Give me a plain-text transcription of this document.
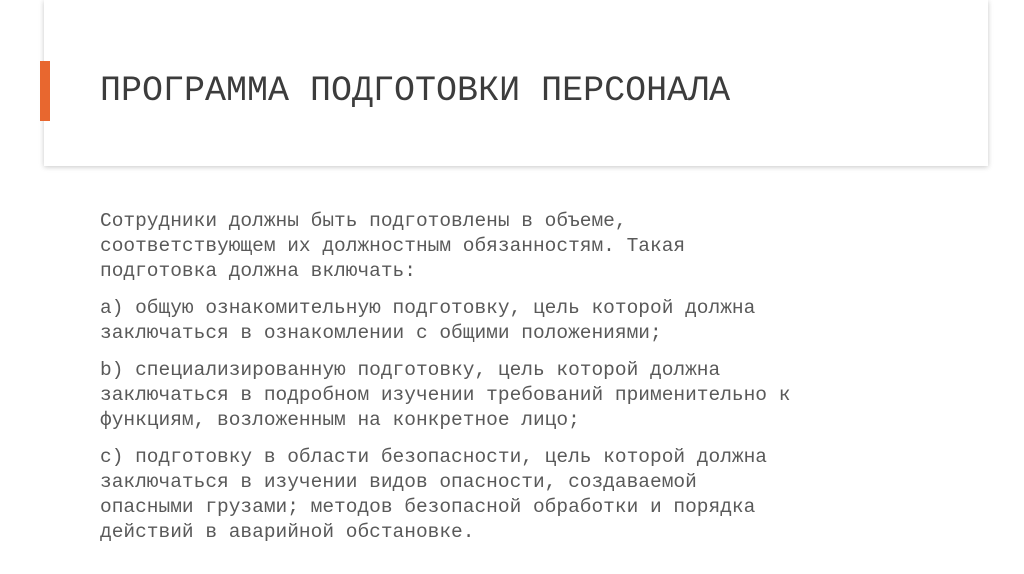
ПРОГРАММА ПОДГОТОВКИ ПЕРСОНАЛА

Сотрудники должны быть подготовлены в объеме,
соответствующем их должностным обязанностям. Такая
подготовка должна включать:

a) общую ознакомительную подготовку, цель которой должна
заключаться в ознакомлении с общими положениями;

b) специализированную подготовку, цель которой должна
заключаться в подробном изучении требований применительно к
функциям, возложенным на конкретное лицо;

c) подготовку в области безопасности, цель которой должна
заключаться в изучении видов опасности, создаваемой
опасными грузами; методов безопасной обработки и порядка
действий в аварийной обстановке.
